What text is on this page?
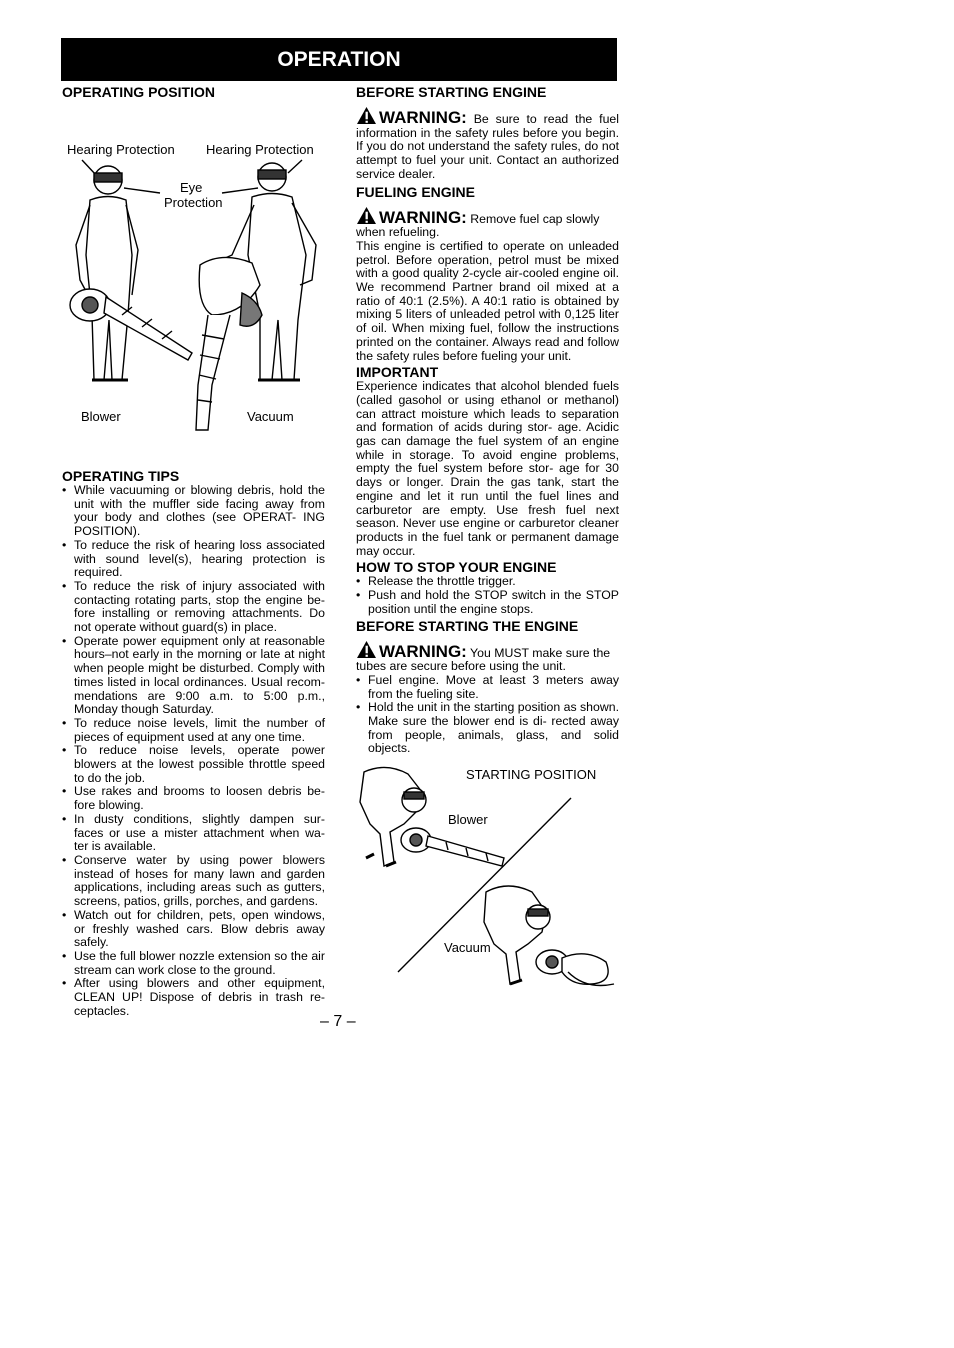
OPERATION
OPERATING POSITION
Hearing Protection Hearing Protection
Eye
Protection
Blower	Vacuum
OPERATING TIPS
• While vacuuming or blowing debris, hold the unit with the muffler side facing away from your body and clothes (see OPERAT- ING POSITION).
• To reduce the risk of hearing loss associated with sound level(s), hearing protection is required.
• To reduce the risk of injury associated with contacting rotating parts, stop the engine be- fore installing or removing attachments. Do not operate without guard(s) in place.
• Operate power equipment only at reasonable hours–not early in the morning or late at night when people might be disturbed. Comply with times listed in local ordinances. Usual recom- mendations are 9:00 a.m. to 5:00 p.m., Monday though Saturday.
• To reduce noise levels, limit the number of pieces of equipment used at any one time.
• To reduce noise levels, operate power blowers at the lowest possible throttle speed to do the job.
• Use rakes and brooms to loosen debris be- fore blowing.
• In dusty conditions, slightly dampen sur- faces or use a mister attachment when wa- ter is available.
• Conserve water by using power blowers instead of hoses for many lawn and garden applications, including areas such as gutters, screens, patios, grills, porches, and gardens.
• Watch out for children, pets, open windows, or freshly washed cars. Blow debris away safely.
• Use the full blower nozzle extension so the air stream can work close to the ground.
• After using blowers and other equipment, CLEAN UP! Dispose of debris in trash re- ceptacles.
BEFORE STARTING ENGINE

WARNING: Be sure to read the fuel information in the safety rules before you begin. If you do not understand the safety rules, do not attempt to fuel your unit. Contact an authorized service dealer.

FUELING ENGINE

WARNING: Remove fuel cap slowly when refueling.

This engine is certified to operate on unleaded petrol. Before operation, petrol must be mixed with a good quality 2-cycle air-cooled engine oil. We recommend Partner brand oil mixed at a ratio of 40:1 (2.5%). A 40:1 ratio is obtained by mixing 5 liters of unleaded petrol with 0,125 liter of oil. When mixing fuel, follow the instructions printed on the container. Always read and follow the safety rules before fueling your unit.

IMPORTANT

Experience indicates that alcohol blended fuels (called gasohol or using ethanol or methanol) can attract moisture which leads to separation and formation of acids during stor- age. Acidic gas can damage the fuel system of an engine while in storage. To avoid engine problems, empty the fuel system before stor- age for 30 days or longer. Drain the gas tank, start the engine and let it run until the fuel lines and carburetor are empty. Use fresh fuel next season. Never use engine or carburetor cleaner products in the fuel tank or permanent damage may occur.

HOW TO STOP YOUR ENGINE
• Release the throttle trigger.
• Push and hold the STOP switch in the STOP position until the engine stops.
BEFORE STARTING THE ENGINE

WARNING: You MUST make sure the tubes are secure before using the unit.

• Fuel engine. Move at least 3 meters away from the fueling site.
• Hold the unit in the starting position as shown. Make sure the blower end is di- rected away from people, animals, glass, and solid objects.
STARTING POSITION
Blower
Vacuum
– 7 –
